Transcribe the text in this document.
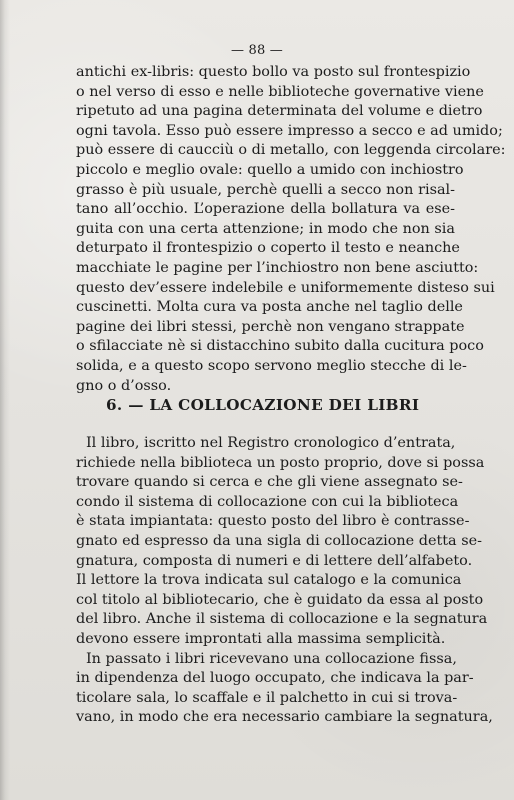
— 88 —
antichi ex-libris: questo bollo va posto sul frontespizio
o nel verso di esso e nelle biblioteche governative viene
ripetuto ad una pagina determinata del volume e dietro
ogni tavola. Esso può essere impresso a secco e ad umido;
può essere di caucciù o di metallo, con leggenda circolare:
piccolo e meglio ovale: quello a umido con inchiostro
grasso è più usuale, perchè quelli a secco non risal-
tano all’occhio. L’operazione della bollatura va ese-
guita con una certa attenzione; in modo che non sia
deturpato il frontespizio o coperto il testo e neanche
macchiate le pagine per l’inchiostro non bene asciutto:
questo dev’essere indelebile e uniformemente disteso sui
cuscinetti. Molta cura va posta anche nel taglio delle
pagine dei libri stessi, perchè non vengano strappate
o sfilacciate nè si distacchino subito dalla cucitura poco
solida, e a questo scopo servono meglio stecche di le-
gno o d’osso.
6. — LA COLLOCAZIONE DEI LIBRI
Il libro, iscritto nel Registro cronologico d’entrata,
richiede nella biblioteca un posto proprio, dove si possa
trovare quando si cerca e che gli viene assegnato se-
condo il sistema di collocazione con cui la biblioteca
è stata impiantata: questo posto del libro è contrasse-
gnato ed espresso da una sigla di collocazione detta se-
gnatura, composta di numeri e di lettere dell’alfabeto.
Il lettore la trova indicata sul catalogo e la comunica
col titolo al bibliotecario, che è guidato da essa al posto
del libro. Anche il sistema di collocazione e la segnatura
devono essere improntati alla massima semplicità.
In passato i libri ricevevano una collocazione fissa,
in dipendenza del luogo occupato, che indicava la par-
ticolare sala, lo scaffale e il palchetto in cui si trova-
vano, in modo che era necessario cambiare la segnatura,
